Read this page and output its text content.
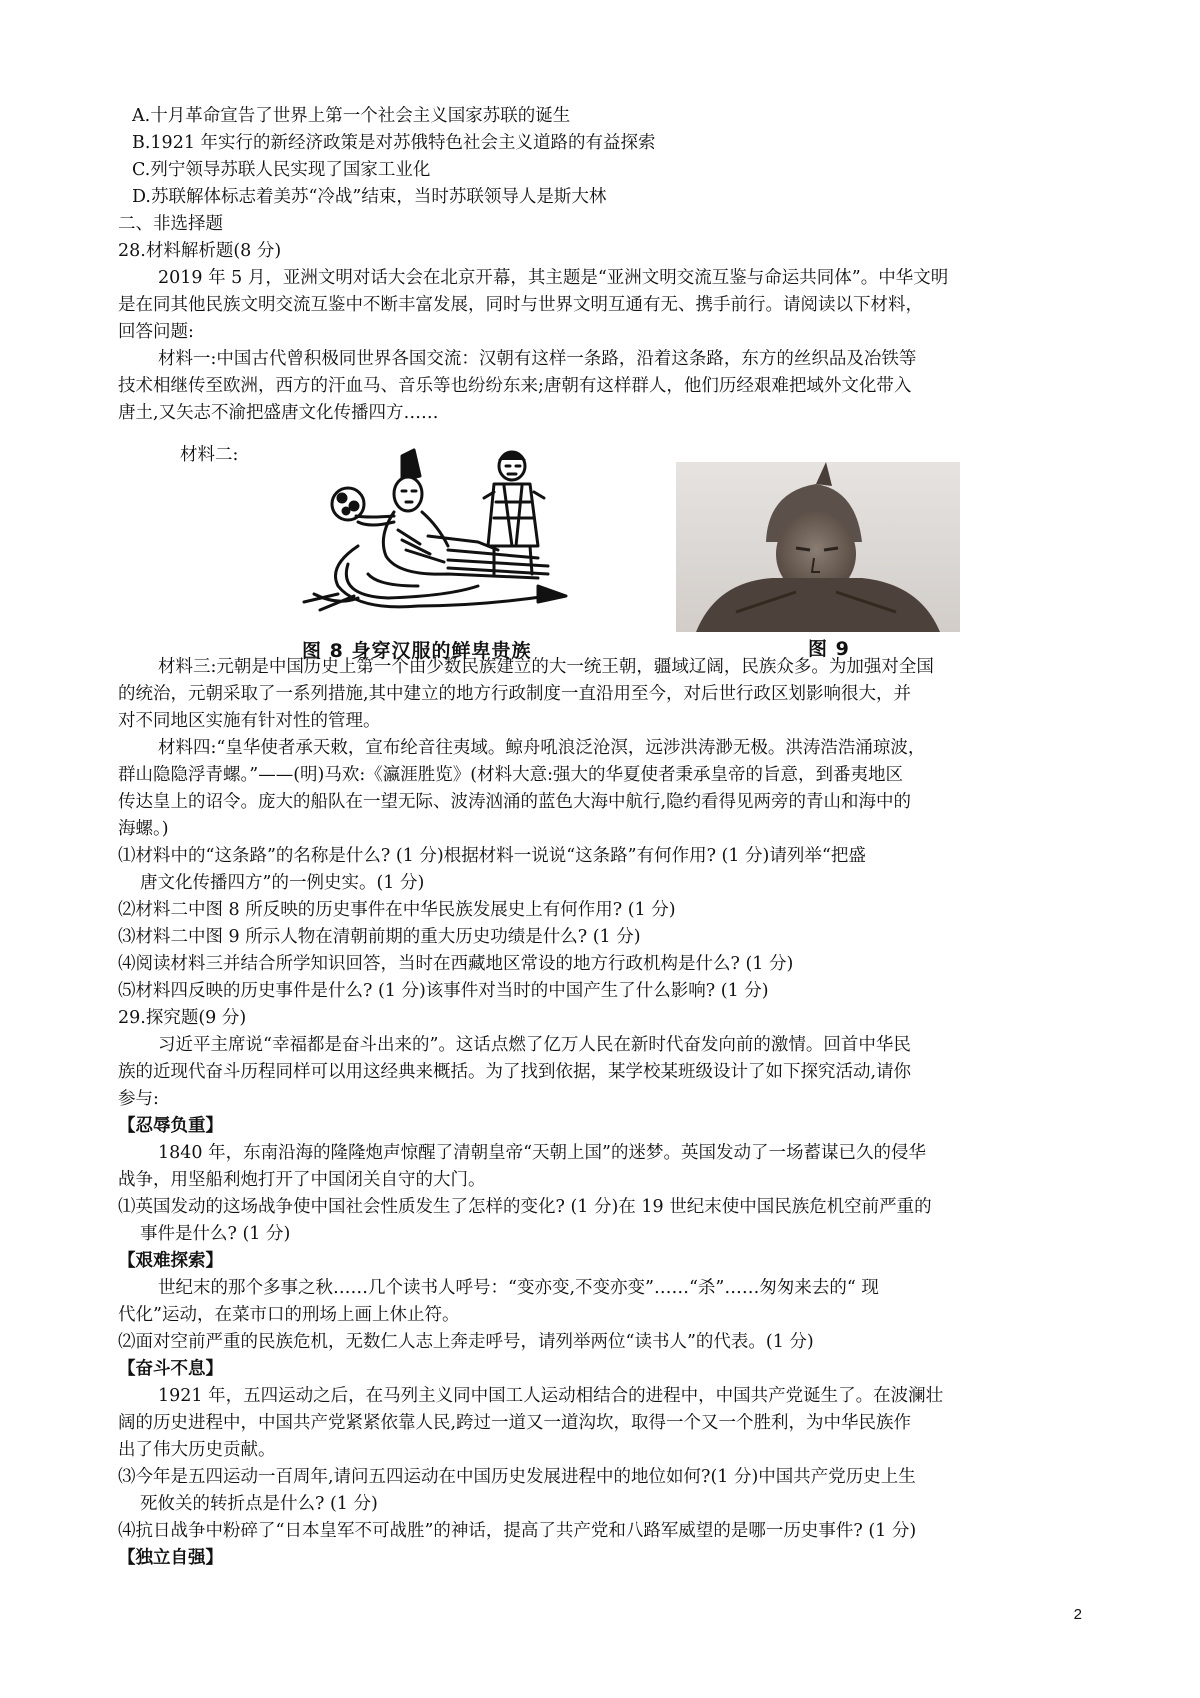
A.十月革命宣告了世界上第一个社会主义国家苏联的诞生
B.1921 年实行的新经济政策是对苏俄特色社会主义道路的有益探索
C.列宁领导苏联人民实现了国家工业化
D.苏联解体标志着美苏“冷战”结束，当时苏联领导人是斯大林
二、非选择题
28.材料解析题(8 分)
2019 年 5 月，亚洲文明对话大会在北京开幕，其主题是“亚洲文明交流互鉴与命运共同体”。中华文明
是在同其他民族文明交流互鉴中不断丰富发展，同时与世界文明互通有无、携手前行。请阅读以下材料，
回答问题:
材料一:中国古代曾积极同世界各国交流：汉朝有这样一条路，沿着这条路，东方的丝织品及冶铁等
技术相继传至欧洲，西方的汗血马、音乐等也纷纷东来;唐朝有这样群人，他们历经艰难把域外文化带入
唐土,又矢志不渝把盛唐文化传播四方……
材料二:
图 8 身穿汉服的鲜卑贵族	图 9
材料三:元朝是中国历史上第一个由少数民族建立的大一统王朝，疆域辽阔，民族众多。为加强对全国
的统治，元朝采取了一系列措施,其中建立的地方行政制度一直沿用至今，对后世行政区划影响很大，并
对不同地区实施有针对性的管理。
材料四:“皇华使者承天敕，宣布纶音往夷域。鲸舟吼浪泛沧溟，远涉洪涛渺无极。洪涛浩浩涌琼波，
群山隐隐浮青螺。”——(明)马欢:《瀛涯胜览》(材料大意:强大的华夏使者秉承皇帝的旨意，到番夷地区
传达皇上的诏令。庞大的船队在一望无际、波涛汹涌的蓝色大海中航行,隐约看得见两旁的青山和海中的
海螺。)
⑴材料中的“这条路”的名称是什么? (1 分)根据材料一说说“这条路”有何作用? (1 分)请列举“把盛
唐文化传播四方”的一例史实。(1 分)
⑵材料二中图 8 所反映的历史事件在中华民族发展史上有何作用? (1 分)
⑶材料二中图 9 所示人物在清朝前期的重大历史功绩是什么? (1 分)
⑷阅读材料三并结合所学知识回答，当时在西藏地区常设的地方行政机构是什么? (1 分)
⑸材料四反映的历史事件是什么? (1 分)该事件对当时的中国产生了什么影响? (1 分)
29.探究题(9 分)
习近平主席说“幸福都是奋斗出来的”。这话点燃了亿万人民在新时代奋发向前的激情。回首中华民
族的近现代奋斗历程同样可以用这经典来概括。为了找到依据，某学校某班级设计了如下探究活动,请你
参与:
【忍辱负重】
1840 年，东南沿海的隆隆炮声惊醒了清朝皇帝“天朝上国”的迷梦。英国发动了一场蓄谋已久的侵华
战争，用坚船利炮打开了中国闭关自守的大门。
⑴英国发动的这场战争使中国社会性质发生了怎样的变化? (1 分)在 19 世纪末使中国民族危机空前严重的
事件是什么? (1 分)
【艰难探索】
世纪末的那个多事之秋……几个读书人呼号：“变亦变,不变亦变”……“杀”……匆匆来去的“ 现
代化”运动，在菜市口的刑场上画上休止符。
⑵面对空前严重的民族危机，无数仁人志上奔走呼号，请列举两位“读书人”的代表。(1 分)
【奋斗不息】
1921 年，五四运动之后，在马列主义同中国工人运动相结合的进程中，中国共产党诞生了。在波澜壮
阔的历史进程中，中国共产党紧紧依靠人民,跨过一道又一道沟坎，取得一个又一个胜利，为中华民族作
出了伟大历史贡献。
⑶今年是五四运动一百周年,请问五四运动在中国历史发展进程中的地位如何?(1 分)中国共产党历史上生
死攸关的转折点是什么? (1 分)
⑷抗日战争中粉碎了“日本皇军不可战胜”的神话，提高了共产党和八路军威望的是哪一历史事件? (1 分)
【独立自强】
2
